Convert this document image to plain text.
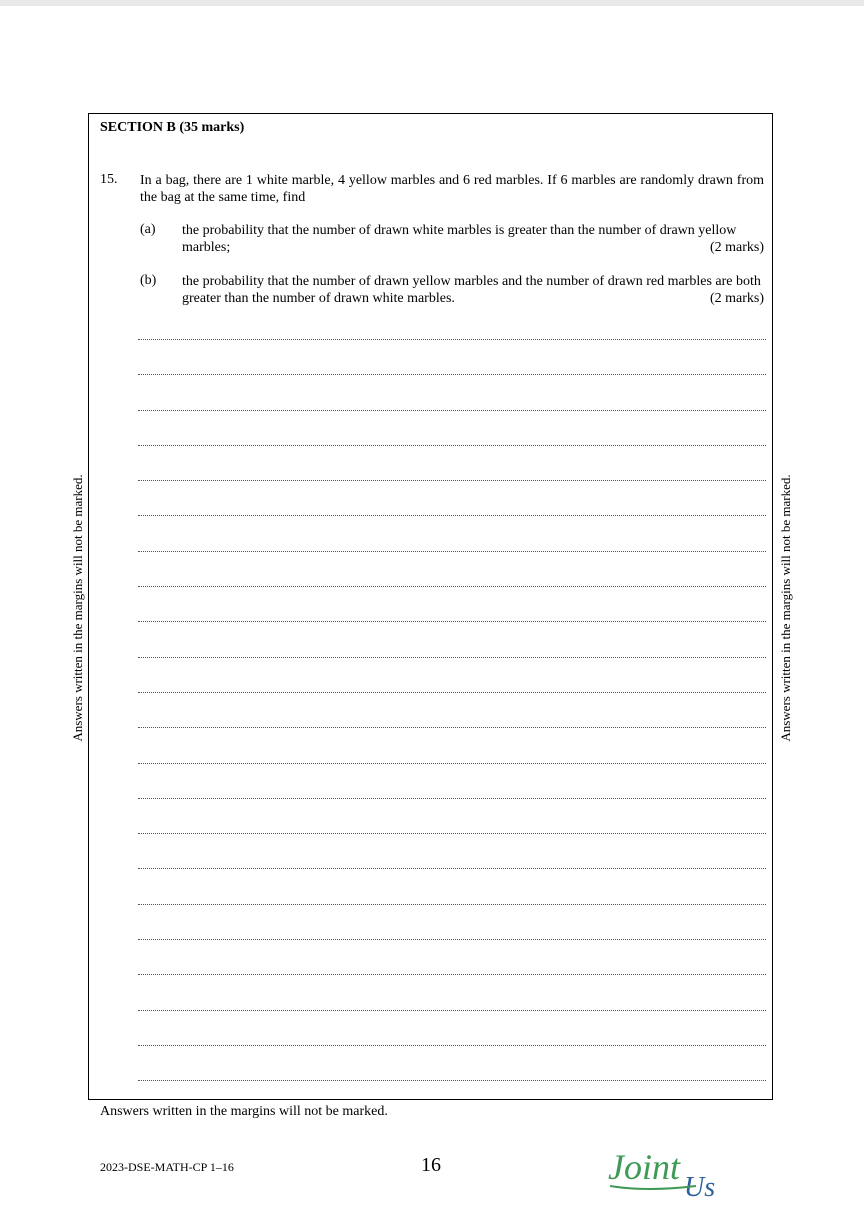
SECTION B (35 marks)
15. In a bag, there are 1 white marble, 4 yellow marbles and 6 red marbles. If 6 marbles are randomly drawn from the bag at the same time, find
(a) the probability that the number of drawn white marbles is greater than the number of drawn yellow marbles;	(2 marks)
(b) the probability that the number of drawn yellow marbles and the number of drawn red marbles are both greater than the number of drawn white marbles.	(2 marks)
Answers written in the margins will not be marked.	Answers written in the margins will not be marked.
Answers written in the margins will not be marked.
2023-DSE-MATH-CP 1–16	16	Joint
Us
